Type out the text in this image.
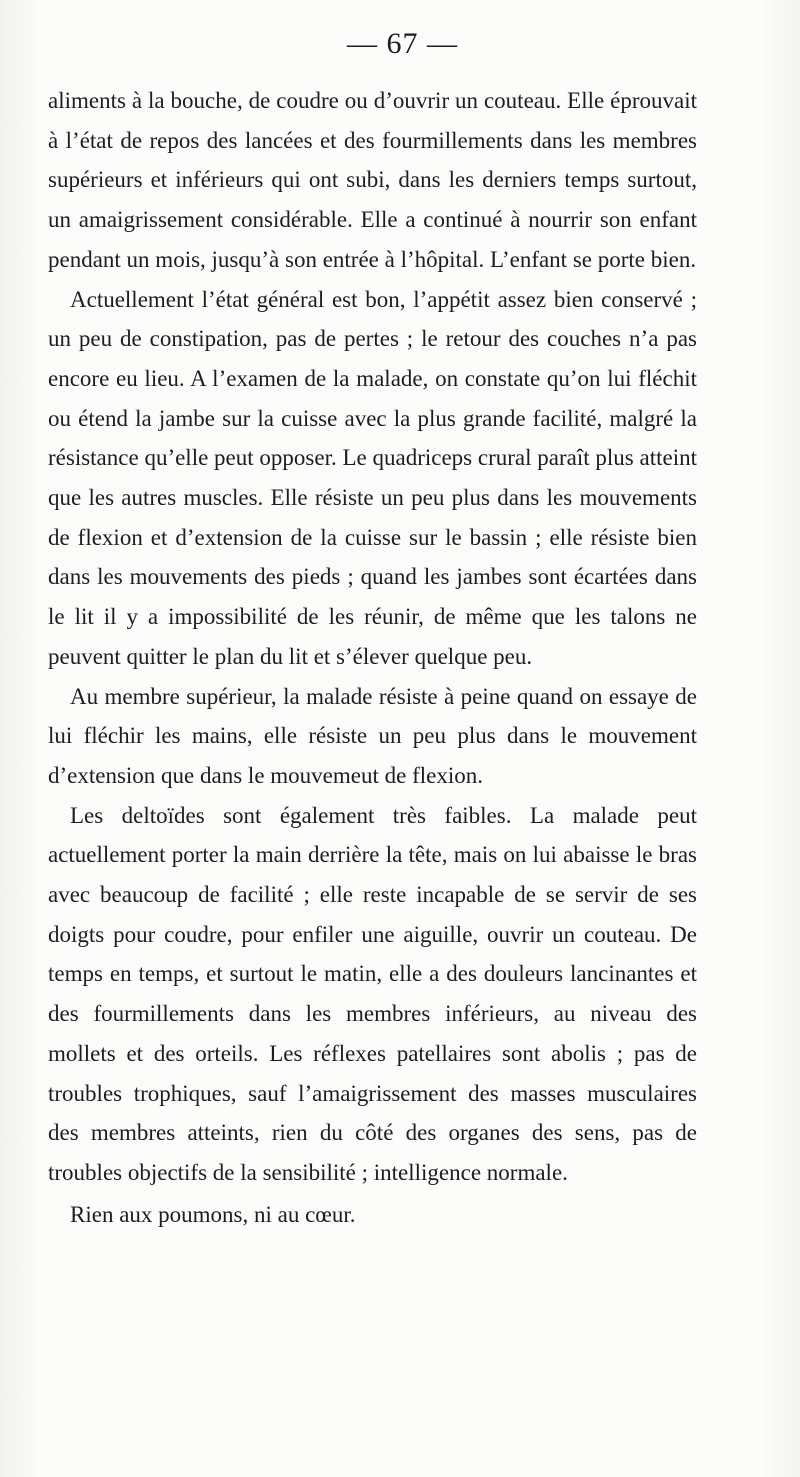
— 67 —

aliments à la bouche, de coudre ou d’ouvrir un couteau. Elle éprouvait à l’état de repos des lancées et des fourmillements dans les membres supérieurs et inférieurs qui ont subi, dans les derniers temps surtout, un amaigrissement considérable. Elle a continué à nourrir son enfant pendant un mois, jusqu’à son entrée à l’hôpital. L’enfant se porte bien.

Actuellement l’état général est bon, l’appétit assez bien conservé ; un peu de constipation, pas de pertes ; le retour des couches n’a pas encore eu lieu. A l’examen de la malade, on constate qu’on lui fléchit ou étend la jambe sur la cuisse avec la plus grande facilité, malgré la résistance qu’elle peut opposer. Le quadriceps crural paraît plus atteint que les autres muscles. Elle résiste un peu plus dans les mouvements de flexion et d’extension de la cuisse sur le bassin ; elle résiste bien dans les mouvements des pieds ; quand les jambes sont écartées dans le lit il y a impossibilité de les réunir, de même que les talons ne peuvent quitter le plan du lit et s’élever quelque peu.

Au membre supérieur, la malade résiste à peine quand on essaye de lui fléchir les mains, elle résiste un peu plus dans le mouvement d’extension que dans le mouvemeut de flexion.

Les deltoïdes sont également très faibles. La malade peut actuellement porter la main derrière la tête, mais on lui abaisse le bras avec beaucoup de facilité ; elle reste incapable de se servir de ses doigts pour coudre, pour enfiler une aiguille, ouvrir un couteau. De temps en temps, et surtout le matin, elle a des douleurs lancinantes et des fourmillements dans les membres inférieurs, au niveau des mollets et des orteils. Les réflexes patellaires sont abolis ; pas de troubles trophiques, sauf l’amaigrissement des masses musculaires des membres atteints, rien du côté des organes des sens, pas de troubles objectifs de la sensibilité ; intelligence normale.

Rien aux poumons, ni au cœur.
